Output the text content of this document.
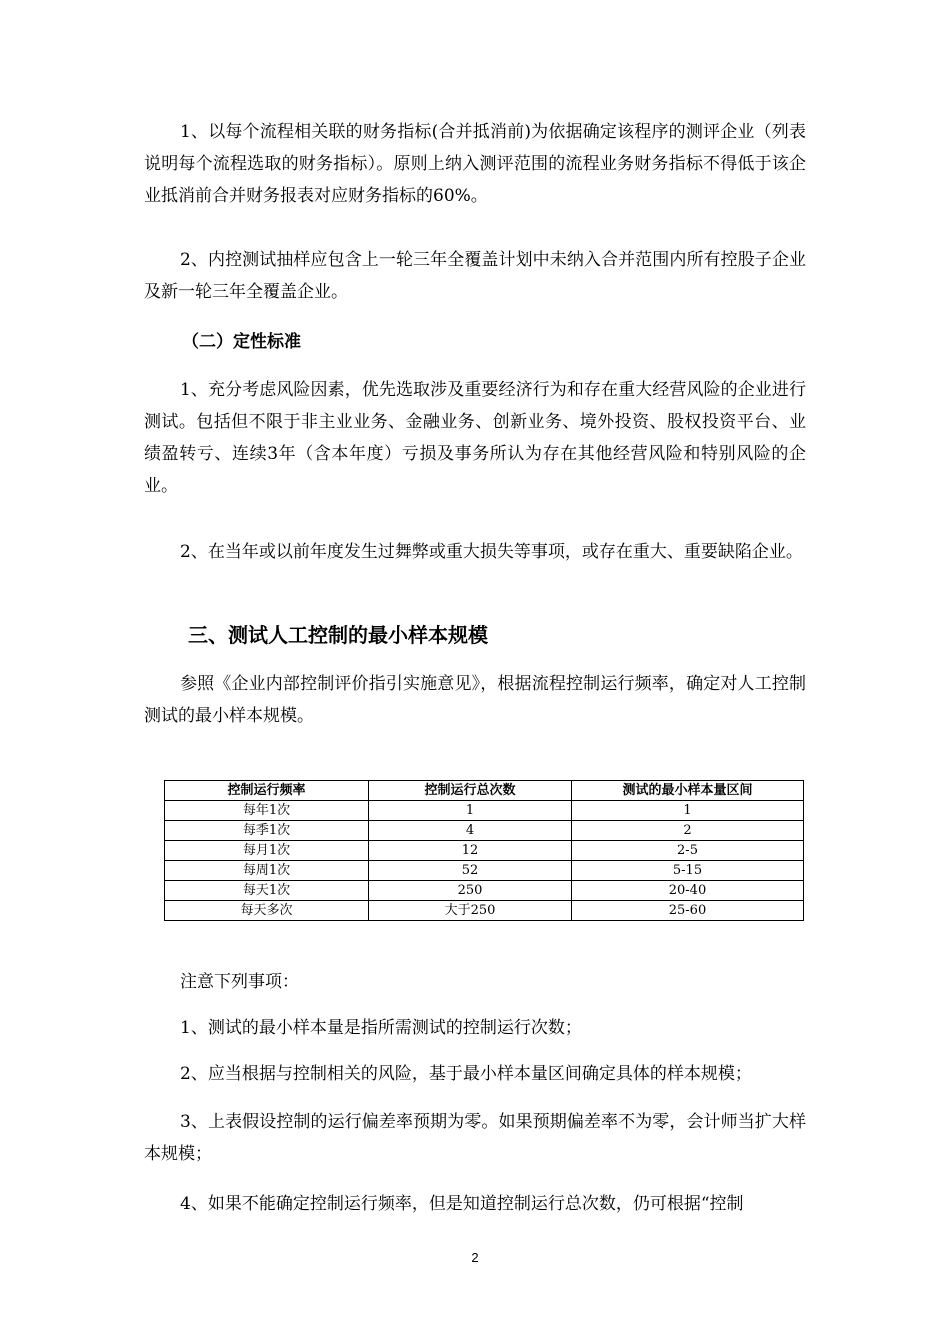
1、以每个流程相关联的财务指标(合并抵消前)为依据确定该程序的测评企业（列表说明每个流程选取的财务指标）。原则上纳入测评范围的流程业务财务指标不得低于该企业抵消前合并财务报表对应财务指标的60%。

2、内控测试抽样应包含上一轮三年全覆盖计划中未纳入合并范围内所有控股子企业及新一轮三年全覆盖企业。

（二）定性标准

1、充分考虑风险因素，优先选取涉及重要经济行为和存在重大经营风险的企业进行测试。包括但不限于非主业业务、金融业务、创新业务、境外投资、股权投资平台、业绩盈转亏、连续3年（含本年度）亏损及事务所认为存在其他经营风险和特别风险的企业。

2、在当年或以前年度发生过舞弊或重大损失等事项，或存在重大、重要缺陷企业。

三、测试人工控制的最小样本规模

参照《企业内部控制评价指引实施意见》，根据流程控制运行频率，确定对人工控制测试的最小样本规模。

控制运行频率	控制运行总次数	测试的最小样本量区间
每年1次	1	1
每季1次	4	2
每月1次	12	2-5
每周1次	52	5-15
每天1次	250	20-40
每天多次	大于250	25-60

注意下列事项：

1、测试的最小样本量是指所需测试的控制运行次数；

2、应当根据与控制相关的风险，基于最小样本量区间确定具体的样本规模；

3、上表假设控制的运行偏差率预期为零。如果预期偏差率不为零，会计师当扩大样本规模；

4、如果不能确定控制运行频率，但是知道控制运行总次数，仍可根据“控制

2
